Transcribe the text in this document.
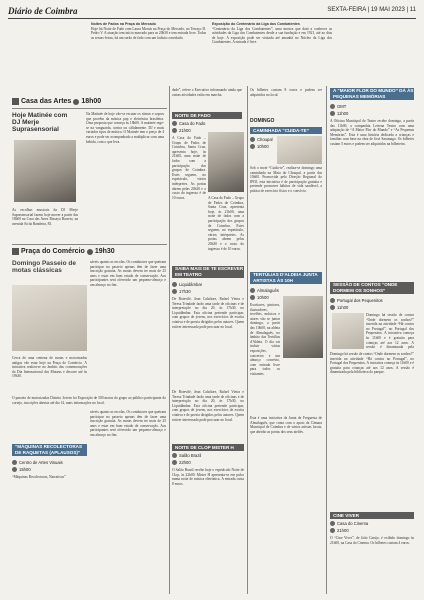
Diário de Coimbra	SEXTA-FEIRA | 19 MAI 2023 | 11
Noites de Fados na Praça do Mercado
Hoje há Noite de Fado com Laura Morais na Praça do Mercado, no Terraço D. Pedro V. A atuação tem início marcado para as 20h30 e tem entrada livre. Todas as sextas-feiras, há um serão de fado com um fadista convidado.
Exposição do Centenário da Liga dos Combatentes
“Centenário da Liga dos Combatentes”, uma mostra que dará a conhecer as atividades da Liga dos Combatentes desde a sua fundação e em 1921, até ao dias de hoje. A exposição pode ser visitada até amanhã no Núcleo da Liga dos Combatentes. A entrada é livre.
Casa das Artes 18h00
Hoje Matinée com DJ Merje Suprasensorial
As escolhas musicais da DJ Merje Suprasensorial fazem hoje mover a partir das 18h00 na Casa das Artes Bissaya Barreto, na avenida Sá da Bandeira, 83.
Na Matinée de hoje vão-se escutar os ritmos e sopros que provêm da música pop e eletrónica brasileira. Uma proposta que começa às 18h00. A matinée rege-se na vanguarda, contra ou cálidamente. DJ e mais variados tipos de música. O Matinée tem o preço de 4 euros e pode ser acompanhado a multiplicar com uma bebida, com o que leva.
Praça do Comércio 19h30
Domingo Passeio de motas clássicas
Cerca de uma centena de motas e motorizadas antigas vão estar hoje na Praça do Comércio. A iniciativa realiza-se no âmbito das comemorações do Dia Internacional dos Museus e decorre até às 19h30.
sáveis quanto as escolas. Os condutores que queiram participar no passeio apenas têm de fazer uma inscrição gratuita. As motas devem ter mais de 25 anos e estar em bom estado de conservação. Aos participantes será oferecido um pequeno-almoço e um almoço no fim.
O passeio de motorizadas Distrito Jovem foi Exposição de 500 motas do grupo ao público participante do cortejo, inscrições abertas até dia 14, mais informações no local.
“MÁQUINAS RECOLECTORAS DE RAQUETAS (APLAUSOS)”
Centro de Artes Visuais
15h00
“Máquinas Recolectoras, Narrativas”
sáveis quanto as escolas. Os condutores que queiram participar no passeio apenas têm de fazer uma inscrição gratuita. As motas devem ter mais de 25 anos e estar em bom estado de conservação. Aos participantes será oferecido um pequeno-almoço e um almoço no fim.
dade”, refere o Executivo informando ainda que outras atividades estão em marcha.
NOITE DE FADO
Casa do Fado
21h00
A Casa do Fado – Grupo de Fados de Coimbra, Santa Cruz, apresenta hoje, às 21h00, uma noite de fados com a participação dos grupos de Coimbra. Estes seguem, no espetáculo, vários intérpretes. As portas abrem pelas 20h30 e o custo do ingresso é de 10 euros.	A Casa do Fado – Grupo de Fados de Coimbra, Santa Cruz, apresenta hoje, às 21h00, uma noite de fados com a participação dos grupos de Coimbra. Estes seguem, no espetáculo, vários intérpretes. As portas abrem pelas 20h30 e o custo do ingresso é de 10 euros.
SAIBA MAIS DE TE ESCREVER EM TEATRO
Liquidâmbar
17h30
De Botevilé, Jean Calafiore, Rafael Vieira e Teresa Trindade farão uma tarde de oficinas e de interpretação no dia 20, às 17h30, no Liquidâmbar. Esta oficina pretende participar, com grupos de jovens, nos exercícios de escrita criativa e de poesia dirigidos pelos autores. Quem estiver interessado pode procurar no local.
De Botevilé, Jean Calafiore, Rafael Vieira e Teresa Trindade farão uma tarde de oficinas e de interpretação no dia 20, às 17h30, no Liquidâmbar. Esta oficina pretende participar, com grupos de jovens, nos exercícios de escrita criativa e de poesia dirigidos pelos autores. Quem estiver interessado pode procurar no local.
NOITE DE CLOP MISTER H
Salão Brazil
22h00
O Salão Brazil recebe hoje o espetáculo Noite de Clop, às 22h00. Mister H apresenta-se em palco numa noite de música eletrónica. A entrada custa 8 euros.
Os bilhetes custam 8 euros e podem ser adquiridos no local.
DOMINGO
CAMINHADA “CUIDA-TE”
Choupal
10h00
Sob o mote “Cuida-te”, realiza-se domingo uma caminhada na Mata do Choupal, a partir das 10h00. Promovida pela Direção Regional do IPDJ, esta iniciativa é de participação gratuita e pretende promover hábitos de vida saudável, a prática de exercício físico e o convívio.
TERTÚLIAS D'ALDEIA JUNTA ARTISTAS ÀS 10H
Almalaguês
10h00
Escritores, pintores, ilustradores, tecelões, músicos e atores vão se juntar domingo, a partir das 10h00, na aldeia de Almalaguês, no âmbito das Tertúlias d'Aldeia. O dia vai incluir várias exposições, concertos e um almoço convívio, com entrada livre para todos os visitantes.
Esta é uma iniciativa da Junta de Freguesia de Almalaguês, que conta com o apoio da Câmara Municipal de Coimbra e de vários artistas locais, que abrirão as portas dos seus ateliês.
A “MAIOR FLOR DO MUNDO” DÁ ÀS PEQUENAS MEMÓRIAS
OMT
11h00
A Oficina Municipal do Teatro recebe domingo, a partir das 11h00, a companhia Leirena Teatro com uma adaptação de “A Maior Flor do Mundo” e “As Pequenas Memórias”. Esta é uma história dedicada a crianças e famílias com base na obra de José Saramago. Os bilhetes custam 5 euros e podem ser adquiridos na bilheteira.
SESSÃO DE CONTOS “ONDE DORMEM OS SONHOS”
Portugal dos Pequenitos
11h00
Domingo há sessão de contos “Onde dormem os sonhos?” inserida na atividade “Há contos no Portugal”, no Portugal dos Pequenitos. A iniciativa começa às 11h00 e é gratuita para crianças até aos 12 anos. A sessão é dinamizada pela
Domingo há sessão de contos “Onde dormem os sonhos?” inserida na atividade “Há contos no Portugal”, no Portugal dos Pequenitos. A iniciativa começa às 11h00 e é gratuita para crianças até aos 12 anos. A sessão é dinamizada pela biblioteca do parque.
CINE VIVER
Casa do Cinema
21h00
O “Cine Viver”, de João Canijo, é exibido domingo às 21h00, na Casa do Cinema. Os bilhetes custam 4 euros.
